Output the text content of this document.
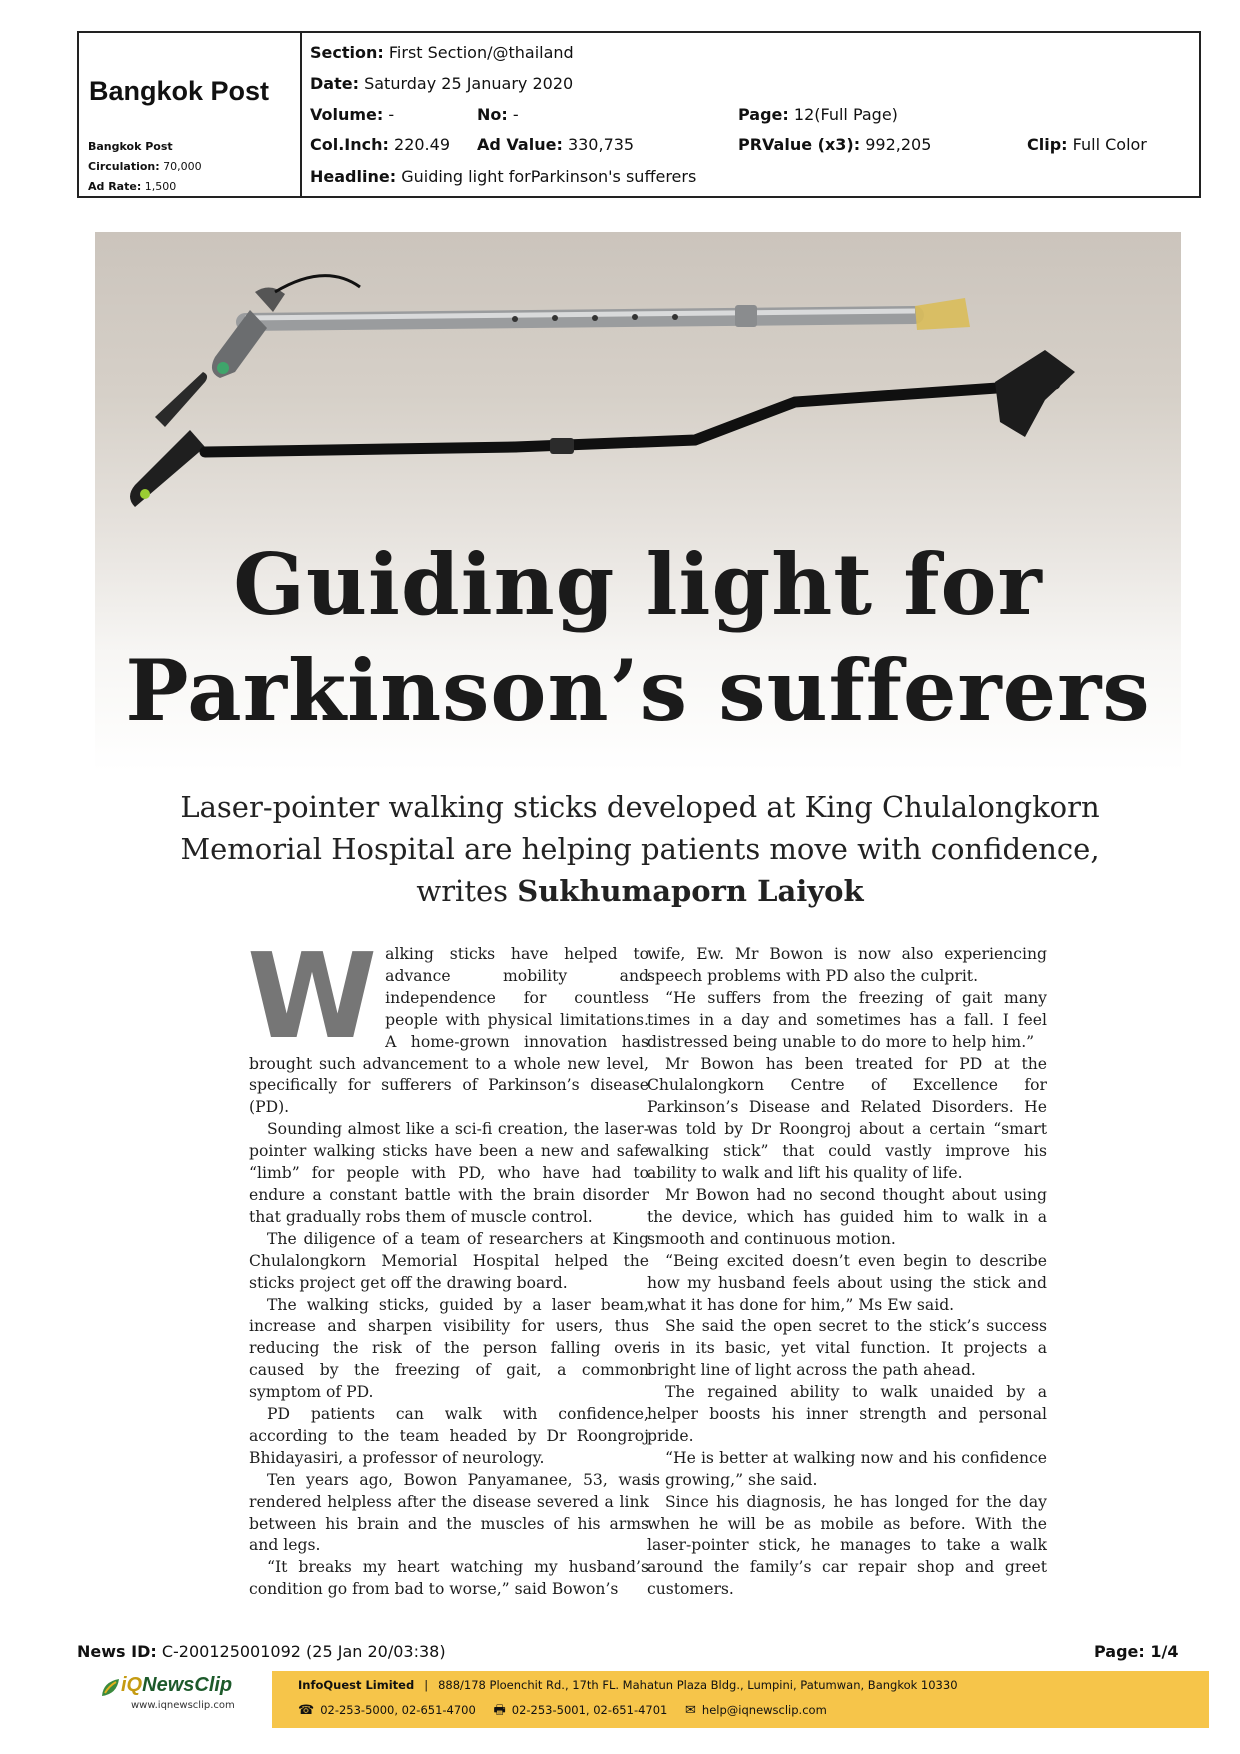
Bangkok Post
Bangkok Post
Circulation: 70,000
Ad Rate: 1,500
Section: First Section/@thailand
Date: Saturday 25 January 2020
Volume: -	No: -	Page: 12(Full Page)
Col.Inch: 220.49 Ad Value: 330,735	PRValue (x3): 992,205	Clip: Full Color
Headline: Guiding light forParkinson's sufferers
Guiding light for
Parkinson’s sufferers
Laser-pointer walking sticks developed at King Chulalongkorn
Memorial Hospital are helping patients move with confidence,
writes Sukhumaporn Laiyok

Walking sticks have helped to advance mobility and independence for countless people with physical limitations. A home-grown innovation has brought such advancement to a whole new level, specifically for sufferers of Parkinson’s disease (PD).

Sounding almost like a sci-fi creation, the laser-pointer walking sticks have been a new and safe “limb” for people with PD, who have had to endure a constant battle with the brain disorder that gradually robs them of muscle control.

The diligence of a team of researchers at King Chulalongkorn Memorial Hospital helped the sticks project get off the drawing board.

The walking sticks, guided by a laser beam, increase and sharpen visibility for users, thus reducing the risk of the person falling over caused by the freezing of gait, a common symptom of PD.

PD patients can walk with confidence, according to the team headed by Dr Roongroj Bhidayasiri, a professor of neurology.

Ten years ago, Bowon Panyamanee, 53, was rendered helpless after the disease severed a link between his brain and the muscles of his arms and legs.

“It breaks my heart watching my husband’s condition go from bad to worse,” said Bowon’s

wife, Ew. Mr Bowon is now also experiencing speech problems with PD also the culprit.

“He suffers from the freezing of gait many times in a day and sometimes has a fall. I feel distressed being unable to do more to help him.”

Mr Bowon has been treated for PD at the Chulalongkorn Centre of Excellence for Parkinson’s Disease and Related Disorders. He was told by Dr Roongroj about a certain “smart walking stick” that could vastly improve his ability to walk and lift his quality of life.

Mr Bowon had no second thought about using the device, which has guided him to walk in a smooth and continuous motion.

“Being excited doesn’t even begin to describe how my husband feels about using the stick and what it has done for him,” Ms Ew said.

She said the open secret to the stick’s success is in its basic, yet vital function. It projects a bright line of light across the path ahead.

The regained ability to walk unaided by a helper boosts his inner strength and personal pride.

“He is better at walking now and his confidence is growing,” she said.

Since his diagnosis, he has longed for the day when he will be as mobile as before. With the laser-pointer stick, he manages to take a walk around the family’s car repair shop and greet customers.

News ID: C-200125001092 (25 Jan 20/03:38)	Page: 1/4
iQNewsClip
www.iqnewsclip.com
InfoQuest Limited | 888/178 Ploenchit Rd., 17th FL. Mahatun Plaza Bldg., Lumpini, Patumwan, Bangkok 10330
☎ 02-253-5000, 02-651-4700 🖶 02-253-5001, 02-651-4701 ✉ help@iqnewsclip.com
